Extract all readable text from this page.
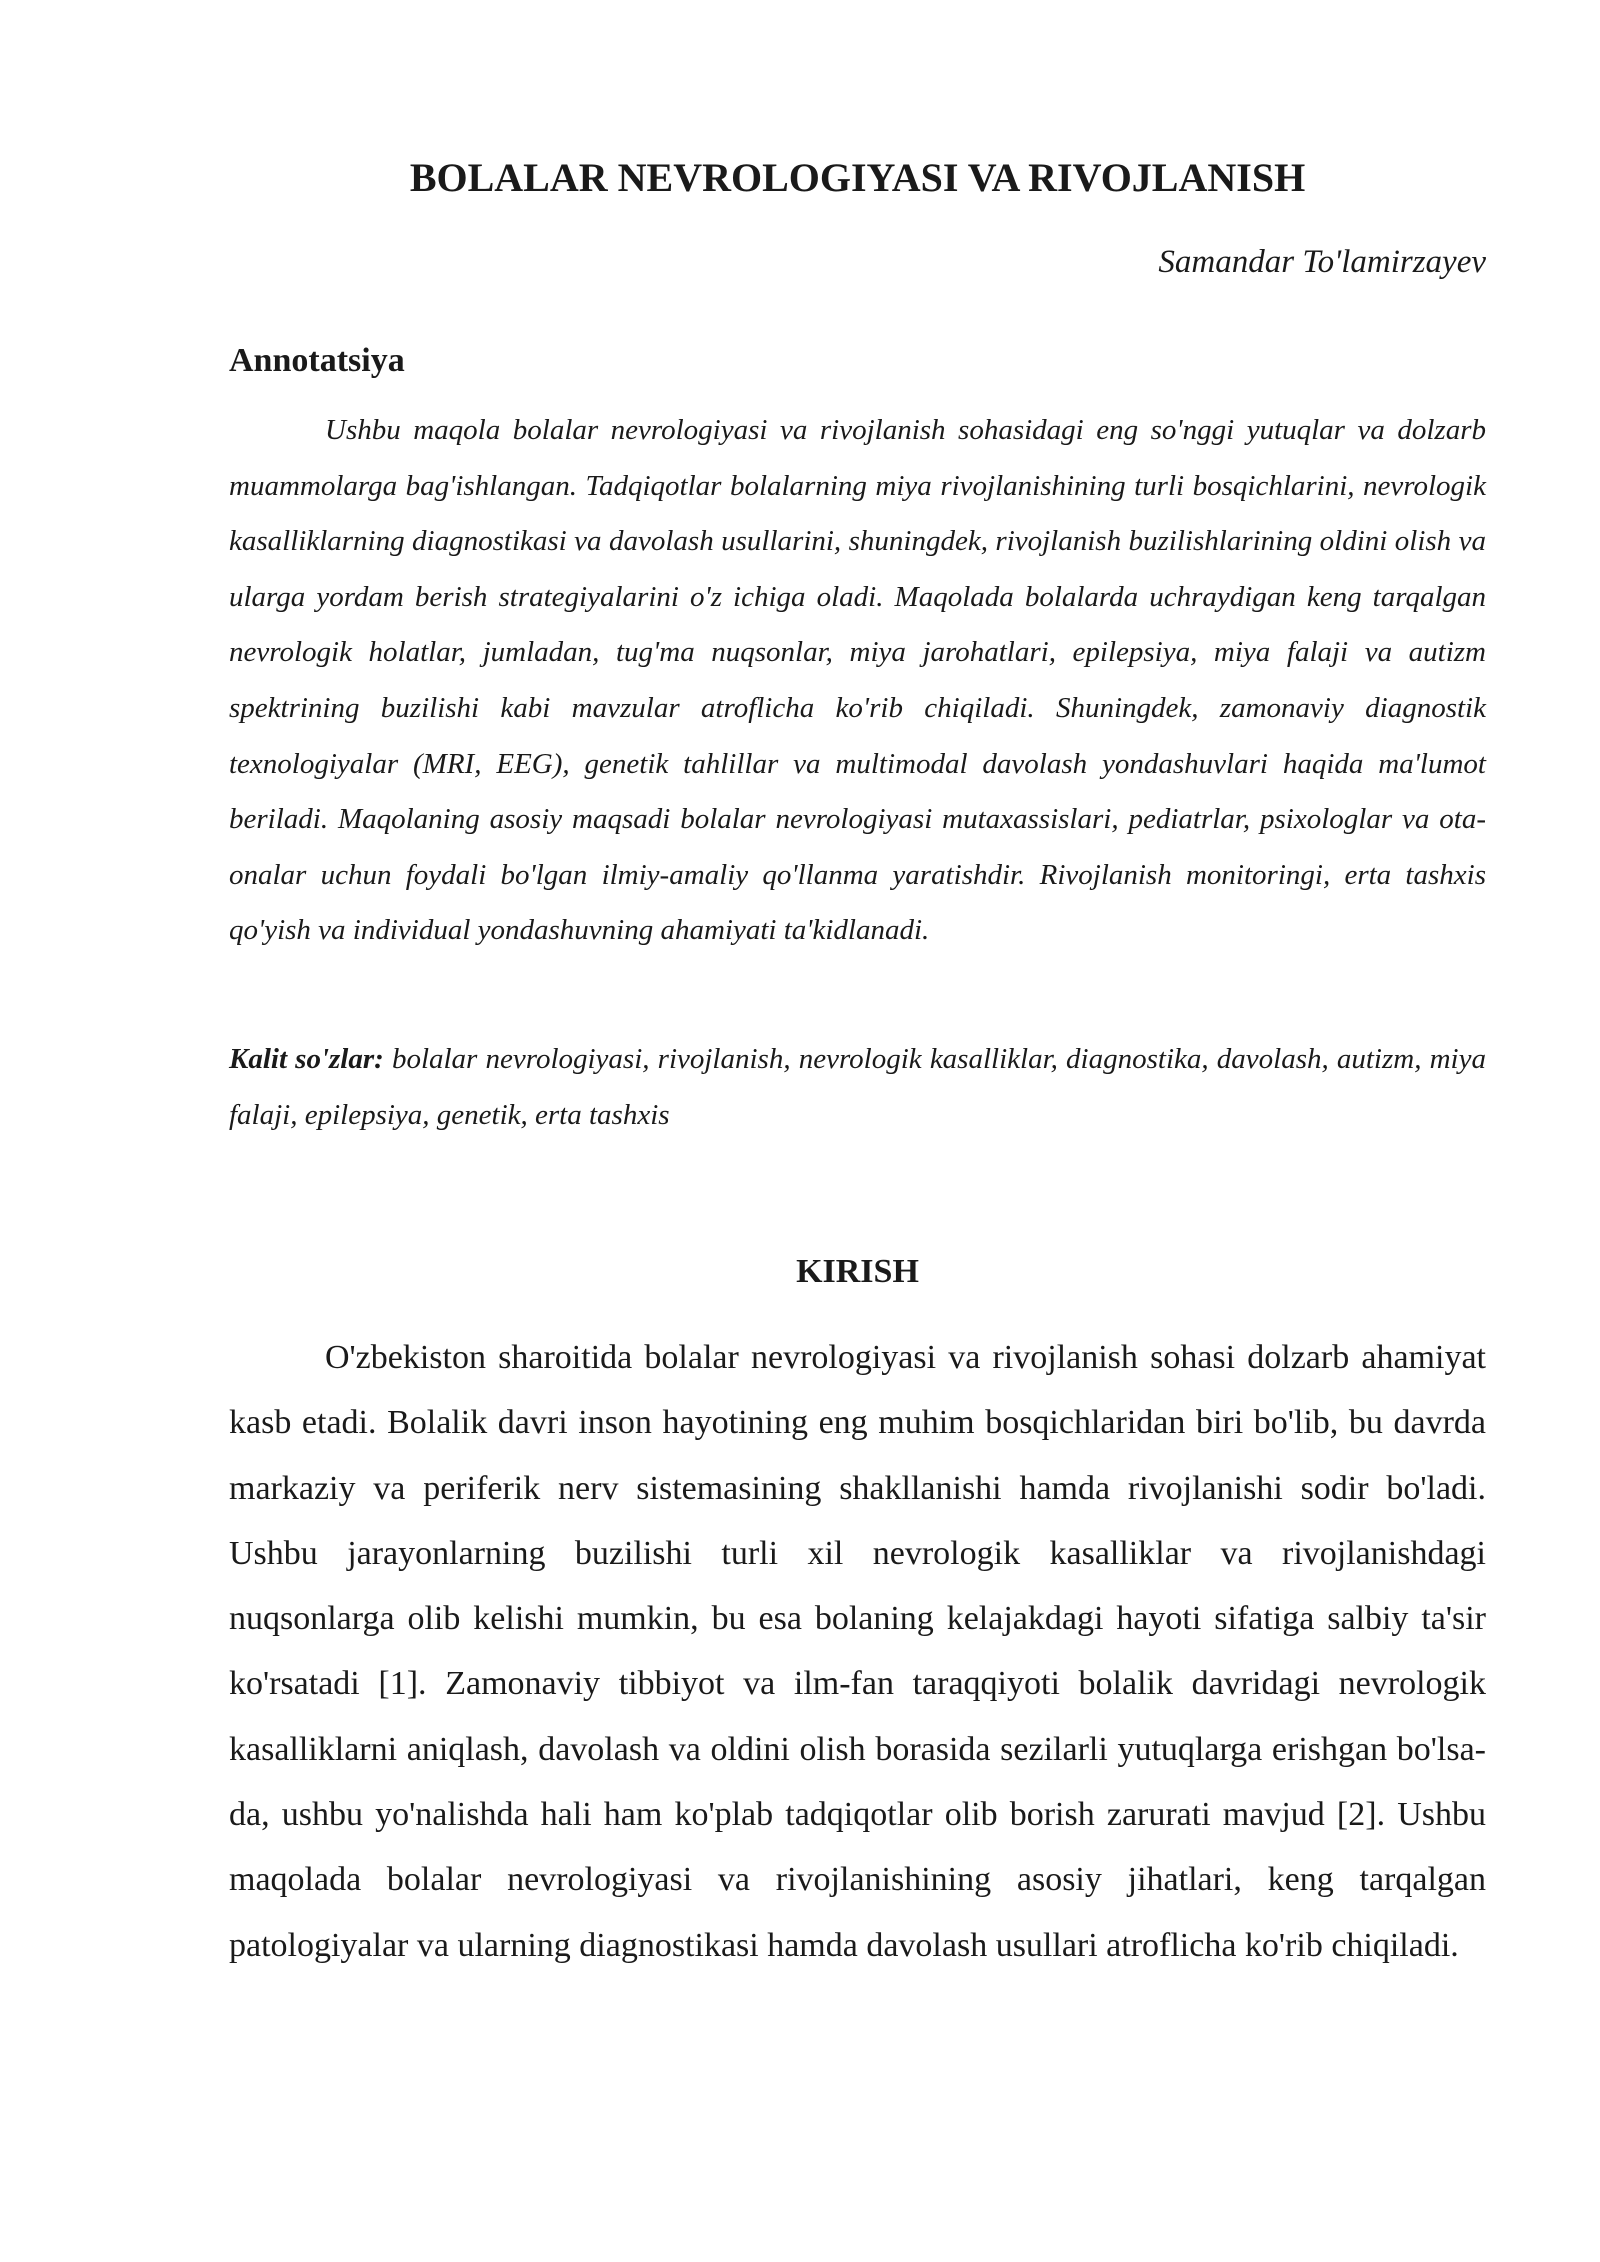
BOLALAR NEVROLOGIYASI VA RIVOJLANISH

Samandar To'lamirzayev

Annotatsiya

Ushbu maqola bolalar nevrologiyasi va rivojlanish sohasidagi eng so'nggi yutuqlar va dolzarb muammolarga bag'ishlangan. Tadqiqotlar bolalarning miya rivojlanishining turli bosqichlarini, nevrologik kasalliklarning diagnostikasi va davolash usullarini, shuningdek, rivojlanish buzilishlarining oldini olish va ularga yordam berish strategiyalarini o'z ichiga oladi. Maqolada bolalarda uchraydigan keng tarqalgan nevrologik holatlar, jumladan, tug'ma nuqsonlar, miya jarohatlari, epilepsiya, miya falaji va autizm spektrining buzilishi kabi mavzular atroflicha ko'rib chiqiladi. Shuningdek, zamonaviy diagnostik texnologiyalar (MRI, EEG), genetik tahlillar va multimodal davolash yondashuvlari haqida ma'lumot beriladi. Maqolaning asosiy maqsadi bolalar nevrologiyasi mutaxassislari, pediatrlar, psixologlar va ota-onalar uchun foydali bo'lgan ilmiy-amaliy qo'llanma yaratishdir. Rivojlanish monitoringi, erta tashxis qo'yish va individual yondashuvning ahamiyati ta'kidlanadi.

Kalit so'zlar: bolalar nevrologiyasi, rivojlanish, nevrologik kasalliklar, diagnostika, davolash, autizm, miya falaji, epilepsiya, genetik, erta tashxis

KIRISH

O'zbekiston sharoitida bolalar nevrologiyasi va rivojlanish sohasi dolzarb ahamiyat kasb etadi. Bolalik davri inson hayotining eng muhim bosqichlaridan biri bo'lib, bu davrda markaziy va periferik nerv sistemasining shakllanishi hamda rivojlanishi sodir bo'ladi. Ushbu jarayonlarning buzilishi turli xil nevrologik kasalliklar va rivojlanishdagi nuqsonlarga olib kelishi mumkin, bu esa bolaning kelajakdagi hayoti sifatiga salbiy ta'sir ko'rsatadi [1]. Zamonaviy tibbiyot va ilm-fan taraqqiyoti bolalik davridagi nevrologik kasalliklarni aniqlash, davolash va oldini olish borasida sezilarli yutuqlarga erishgan bo'lsa-da, ushbu yo'nalishda hali ham ko'plab tadqiqotlar olib borish zarurati mavjud [2]. Ushbu maqolada bolalar nevrologiyasi va rivojlanishining asosiy jihatlari, keng tarqalgan patologiyalar va ularning diagnostikasi hamda davolash usullari atroflicha ko'rib chiqiladi.
